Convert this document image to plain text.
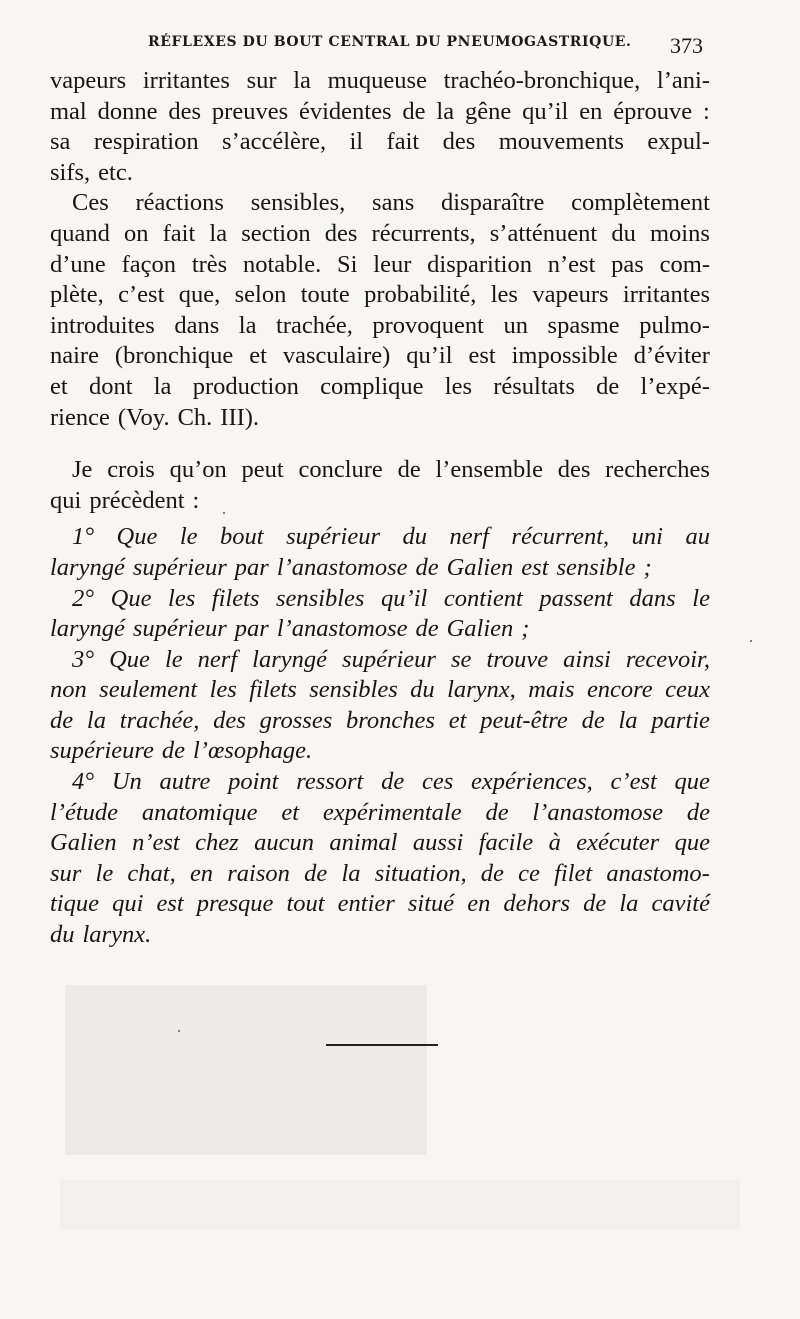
RÉFLEXES DU BOUT CENTRAL DU PNEUMOGASTRIQUE. 373
vapeurs irritantes sur la muqueuse trachéo-bronchique, l’ani-
mal donne des preuves évidentes de la gêne qu’il en éprouve :
sa respiration s’accélère, il fait des mouvements expul-
sifs, etc.
Ces réactions sensibles, sans disparaître complètement
quand on fait la section des récurrents, s’atténuent du moins
d’une façon très notable. Si leur disparition n’est pas com-
plète, c’est que, selon toute probabilité, les vapeurs irritantes
introduites dans la trachée, provoquent un spasme pulmo-
naire (bronchique et vasculaire) qu’il est impossible d’éviter
et dont la production complique les résultats de l’expé-
rience (Voy. Ch. III).
Je crois qu’on peut conclure de l’ensemble des recherches
qui précèdent :
1° Que le bout supérieur du nerf récurrent, uni au
laryngé supérieur par l’anastomose de Galien est sensible ;
2° Que les filets sensibles qu’il contient passent dans le
laryngé supérieur par l’anastomose de Galien ;
3° Que le nerf laryngé supérieur se trouve ainsi recevoir,
non seulement les filets sensibles du larynx, mais encore ceux
de la trachée, des grosses bronches et peut-être de la partie
supérieure de l’œsophage.
4° Un autre point ressort de ces expériences, c’est que
l’étude anatomique et expérimentale de l’anastomose de
Galien n’est chez aucun animal aussi facile à exécuter que
sur le chat, en raison de la situation, de ce filet anastomo-
tique qui est presque tout entier situé en dehors de la cavité
du larynx.
